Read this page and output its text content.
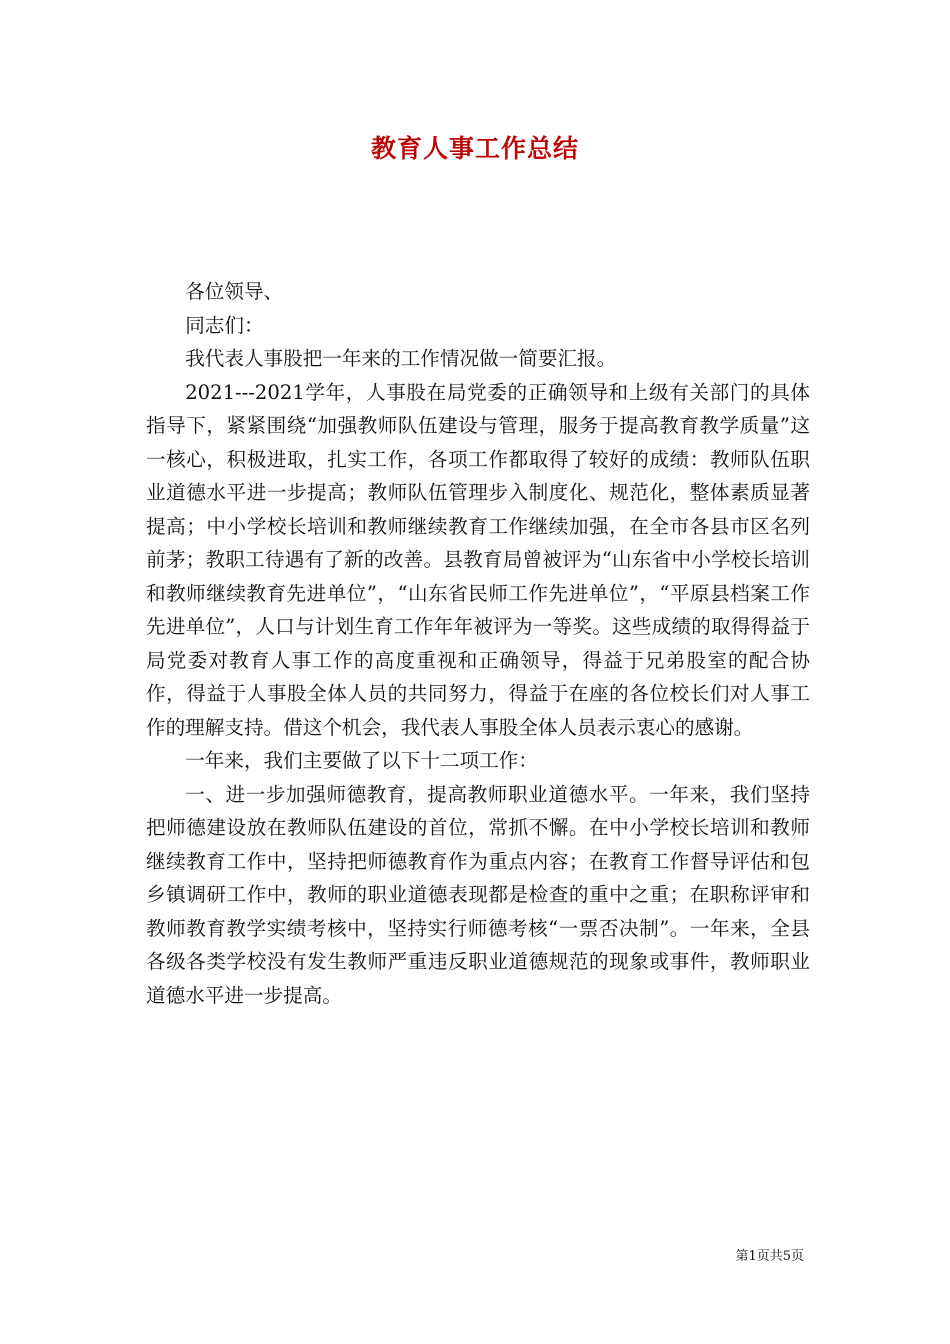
教育人事工作总结

各位领导、

同志们：

我代表人事股把一年来的工作情况做一简要汇报。

2021---2021学年，人事股在局党委的正确领导和上级有关部门的具体指导下，紧紧围绕“加强教师队伍建设与管理，服务于提高教育教学质量”这一核心，积极进取，扎实工作，各项工作都取得了较好的成绩：教师队伍职业道德水平进一步提高；教师队伍管理步入制度化、规范化，整体素质显著提高；中小学校长培训和教师继续教育工作继续加强，在全市各县市区名列前茅；教职工待遇有了新的改善。县教育局曾被评为“山东省中小学校长培训和教师继续教育先进单位”，“山东省民师工作先进单位”，“平原县档案工作先进单位”，人口与计划生育工作年年被评为一等奖。这些成绩的取得得益于局党委对教育人事工作的高度重视和正确领导，得益于兄弟股室的配合协作，得益于人事股全体人员的共同努力，得益于在座的各位校长们对人事工作的理解支持。借这个机会，我代表人事股全体人员表示衷心的感谢。

一年来，我们主要做了以下十二项工作：

一、进一步加强师德教育，提高教师职业道德水平。一年来，我们坚持把师德建设放在教师队伍建设的首位，常抓不懈。在中小学校长培训和教师继续教育工作中，坚持把师德教育作为重点内容；在教育工作督导评估和包乡镇调研工作中，教师的职业道德表现都是检查的重中之重；在职称评审和教师教育教学实绩考核中，坚持实行师德考核“一票否决制”。一年来，全县各级各类学校没有发生教师严重违反职业道德规范的现象或事件，教师职业道德水平进一步提高。

第1页共5页
